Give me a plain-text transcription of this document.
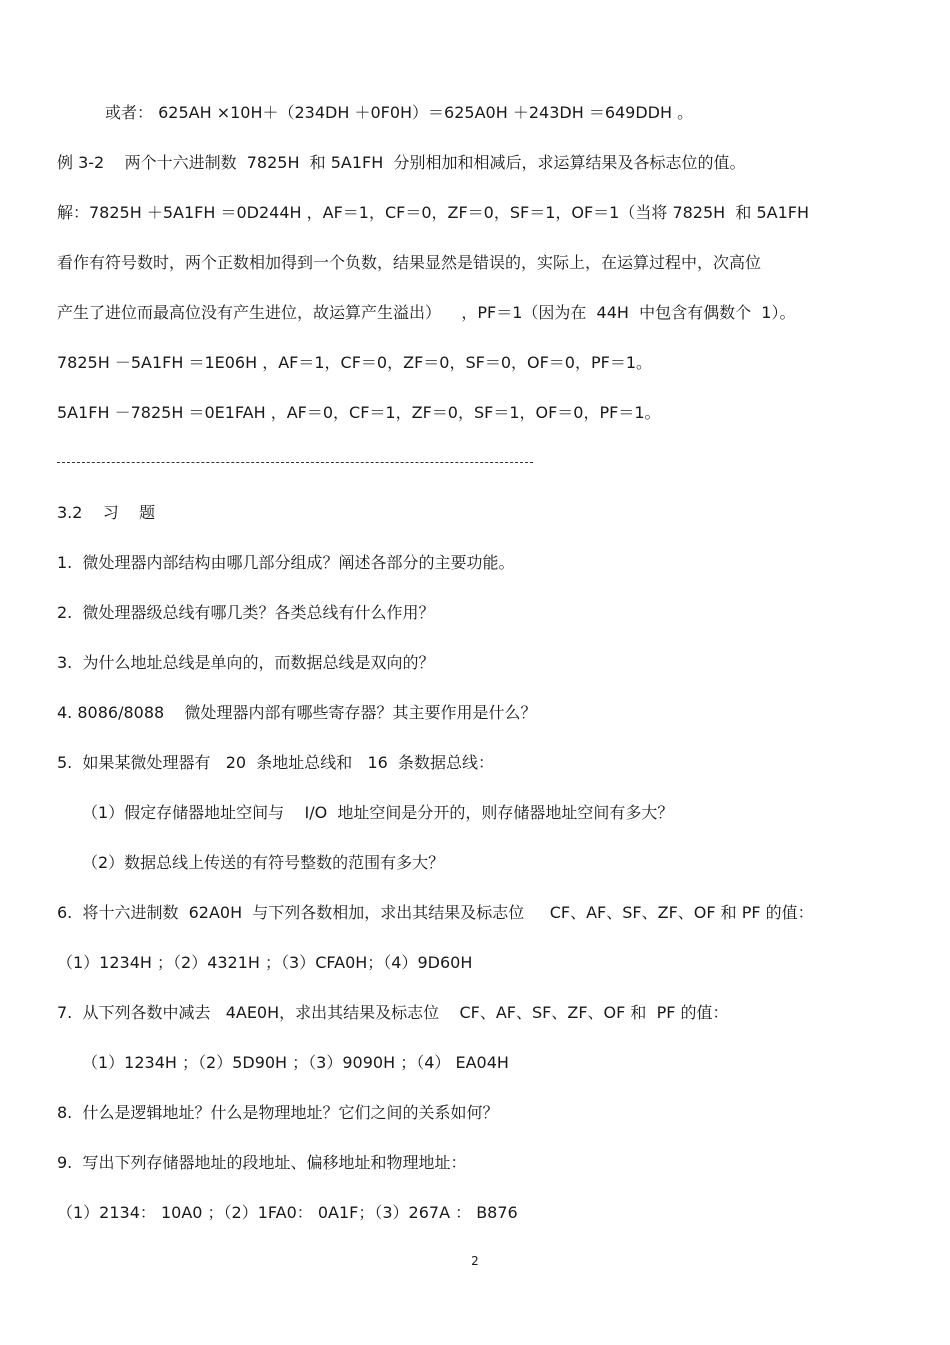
或者： 625AH ×10H＋（234DH ＋0F0H）＝625A0H ＋243DH ＝649DDH 。
例 3-2    两个十六进制数  7825H  和 5A1FH  分别相加和相减后，求运算结果及各标志位的值。
解：7825H ＋5A1FH ＝0D244H ，AF＝1，CF＝0，ZF＝0，SF＝1，OF＝1（当将 7825H  和 5A1FH
看作有符号数时，两个正数相加得到一个负数，结果显然是错误的，实际上，在运算过程中，次高位
产生了进位而最高位没有产生进位，故运算产生溢出）    ，PF＝1（因为在  44H  中包含有偶数个  1）。
7825H －5A1FH ＝1E06H ，AF＝1，CF＝0，ZF＝0，SF＝0，OF＝0，PF＝1。
5A1FH －7825H ＝0E1FAH ，AF＝0，CF＝1，ZF＝0，SF＝1，OF＝0，PF＝1。
3.2    习    题
1.  微处理器内部结构由哪几部分组成？阐述各部分的主要功能。
2.  微处理器级总线有哪几类？各类总线有什么作用？
3.  为什么地址总线是单向的，而数据总线是双向的？
4. 8086/8088    微处理器内部有哪些寄存器？其主要作用是什么？
5.  如果某微处理器有   20  条地址总线和   16  条数据总线：
（1）假定存储器地址空间与    I/O  地址空间是分开的，则存储器地址空间有多大？
（2）数据总线上传送的有符号整数的范围有多大？
6.  将十六进制数  62A0H  与下列各数相加，求出其结果及标志位     CF、AF、SF、ZF、OF 和 PF 的值：
（1）1234H ；（2）4321H ；（3）CFA0H；（4）9D60H
7.  从下列各数中减去   4AE0H，求出其结果及标志位    CF、AF、SF、ZF、OF 和  PF 的值：
（1）1234H ；（2）5D90H ；（3）9090H ；（4） EA04H
8.  什么是逻辑地址？什么是物理地址？它们之间的关系如何？
9.  写出下列存储器地址的段地址、偏移地址和物理地址：
（1）2134： 10A0 ；（2）1FA0： 0A1F；（3）267A ： B876
2
